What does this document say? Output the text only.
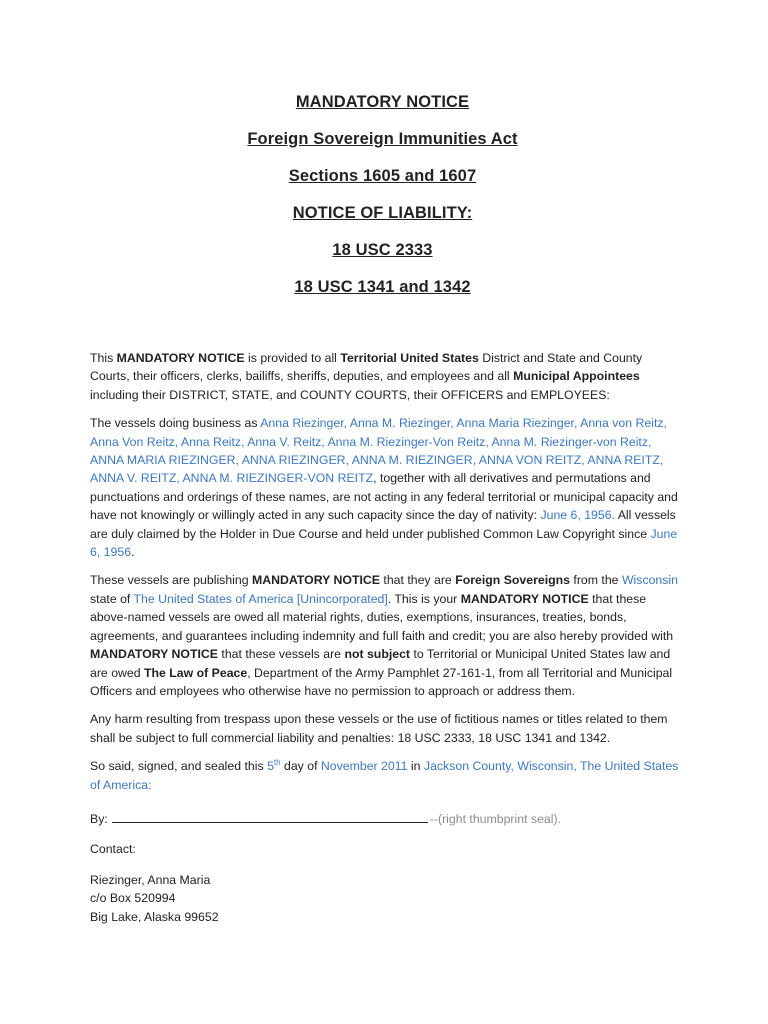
MANDATORY NOTICE
Foreign Sovereign Immunities Act
Sections 1605 and 1607
NOTICE OF LIABILITY:
18 USC 2333
18 USC 1341 and 1342

This MANDATORY NOTICE is provided to all Territorial United States District and State and County Courts, their officers, clerks, bailiffs, sheriffs, deputies, and employees and all Municipal Appointees including their DISTRICT, STATE, and COUNTY COURTS, their OFFICERS and EMPLOYEES:

The vessels doing business as Anna Riezinger, Anna M. Riezinger, Anna Maria Riezinger, Anna von Reitz, Anna Von Reitz, Anna Reitz, Anna V. Reitz, Anna M. Riezinger-Von Reitz, Anna M. Riezinger-von Reitz, ANNA MARIA RIEZINGER, ANNA RIEZINGER, ANNA M. RIEZINGER, ANNA VON REITZ, ANNA REITZ, ANNA V. REITZ, ANNA M. RIEZINGER-VON REITZ, together with all derivatives and permutations and punctuations and orderings of these names, are not acting in any federal territorial or municipal capacity and have not knowingly or willingly acted in any such capacity since the day of nativity: June 6, 1956. All vessels are duly claimed by the Holder in Due Course and held under published Common Law Copyright since June 6, 1956.

These vessels are publishing MANDATORY NOTICE that they are Foreign Sovereigns from the Wisconsin state of The United States of America [Unincorporated]. This is your MANDATORY NOTICE that these above-named vessels are owed all material rights, duties, exemptions, insurances, treaties, bonds, agreements, and guarantees including indemnity and full faith and credit; you are also hereby provided with MANDATORY NOTICE that these vessels are not subject to Territorial or Municipal United States law and are owed The Law of Peace, Department of the Army Pamphlet 27-161-1, from all Territorial and Municipal Officers and employees who otherwise have no permission to approach or address them.

Any harm resulting from trespass upon these vessels or the use of fictitious names or titles related to them shall be subject to full commercial liability and penalties: 18 USC 2333, 18 USC 1341 and 1342.

So said, signed, and sealed this 5th day of November 2011 in Jackson County, Wisconsin, The United States of America:

By:	--(right thumbprint seal).

Contact:

Riezinger, Anna Maria

c/o Box 520994

Big Lake, Alaska 99652
